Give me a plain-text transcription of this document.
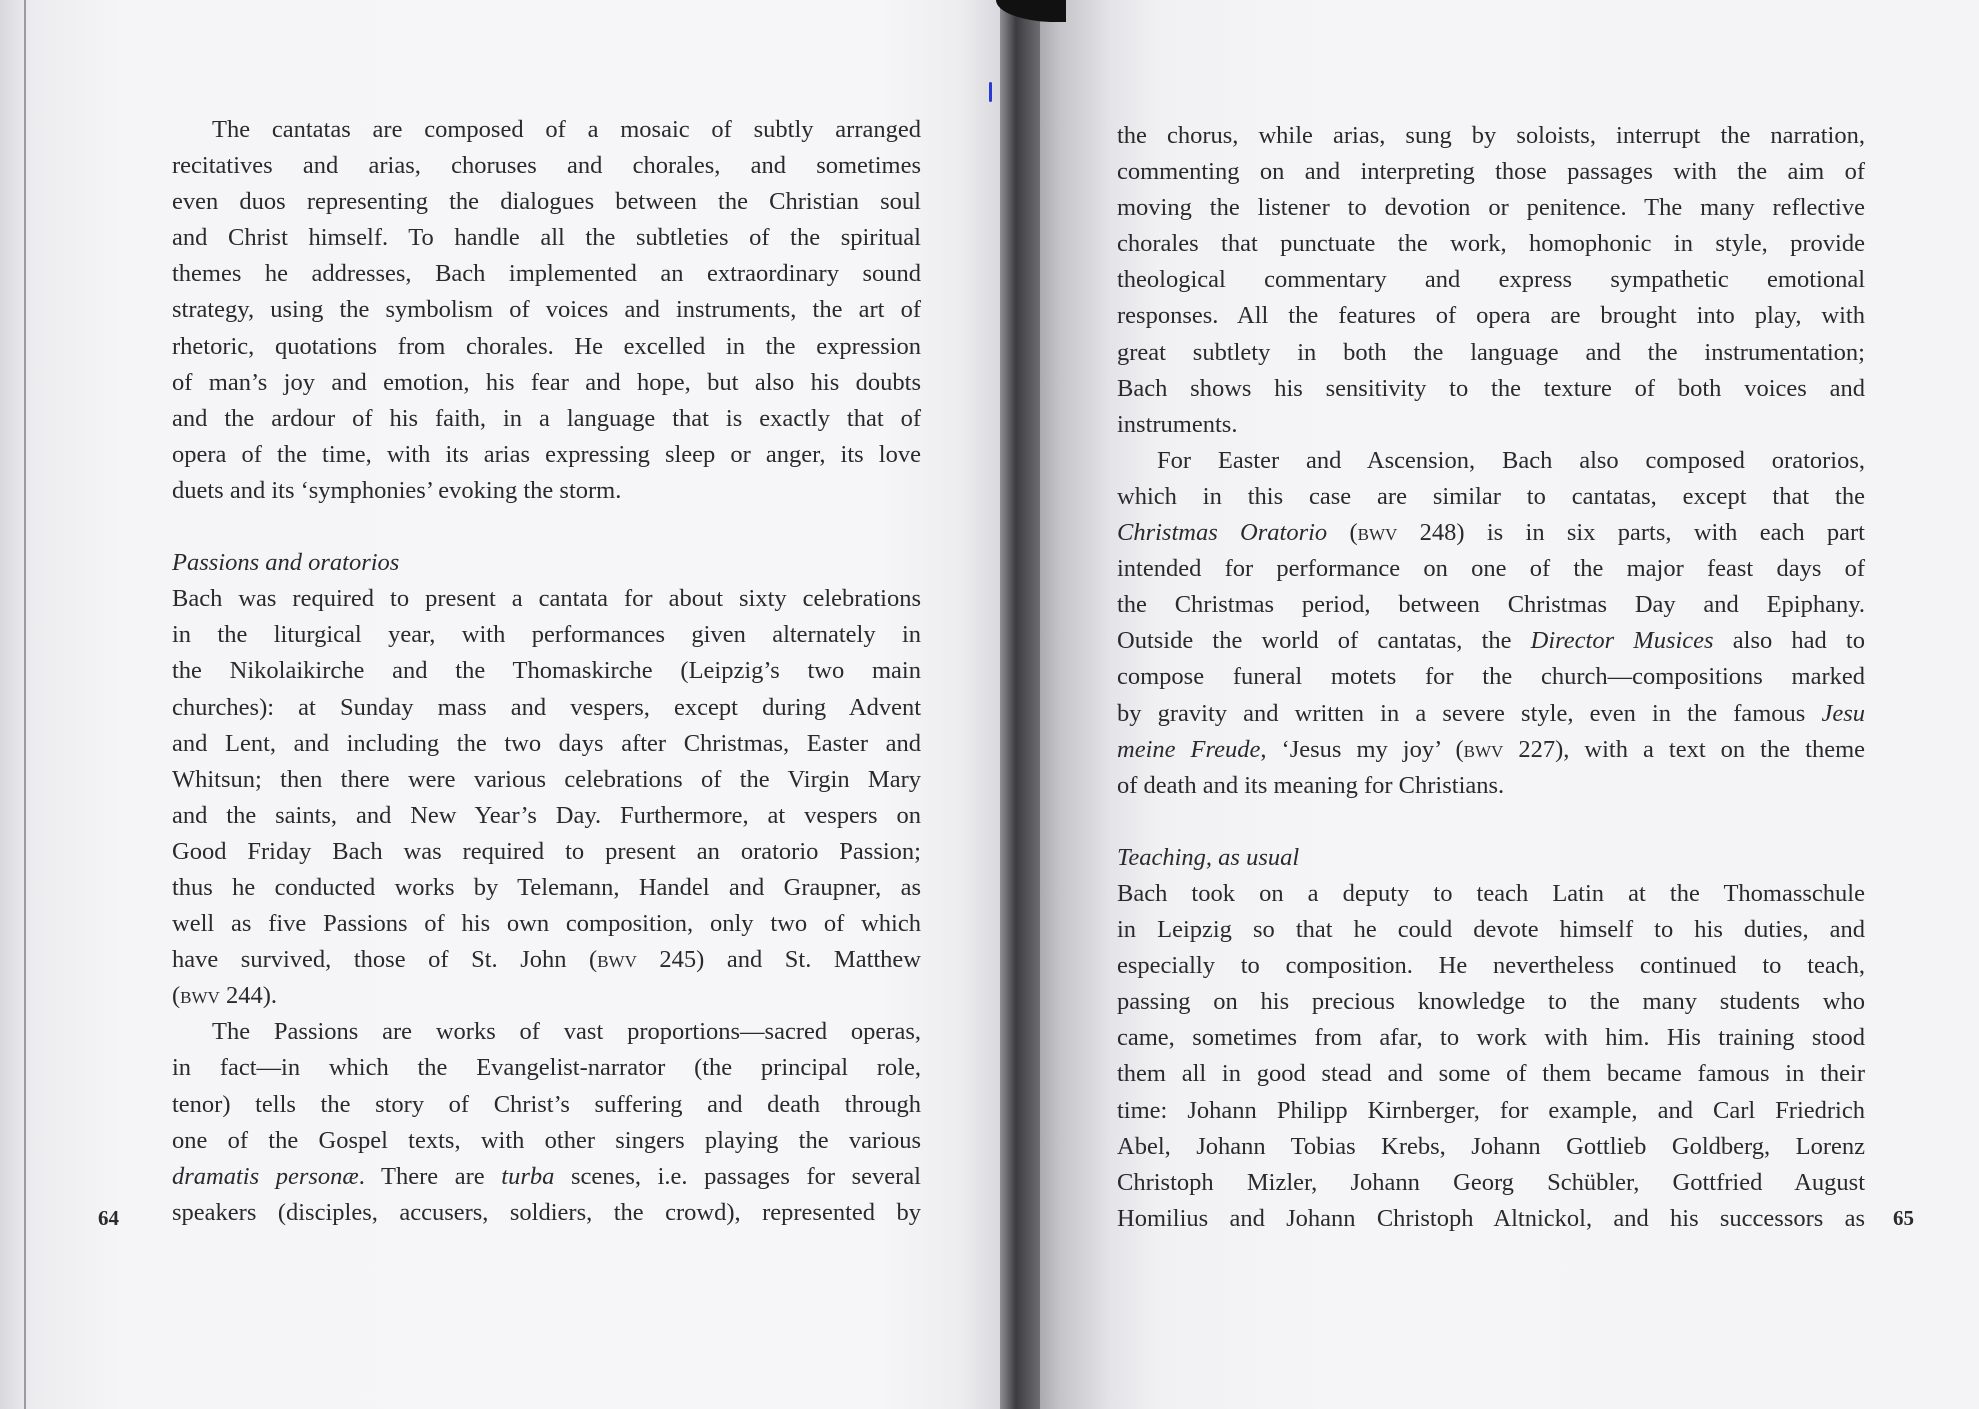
The cantatas are composed of a mosaic of subtly arranged
recitatives and arias, choruses and chorales, and sometimes
even duos representing the dialogues between the Christian soul
and Christ himself. To handle all the subtleties of the spiritual
themes he addresses, Bach implemented an extraordinary sound
strategy, using the symbolism of voices and instruments, the art of
rhetoric, quotations from chorales. He excelled in the expression
of man’s joy and emotion, his fear and hope, but also his doubts
and the ardour of his faith, in a language that is exactly that of
opera of the time, with its arias expressing sleep or anger, its love
duets and its ‘symphonies’ evoking the storm.
Passions and oratorios
Bach was required to present a cantata for about sixty celebrations
in the liturgical year, with performances given alternately in
the Nikolaikirche and the Thomaskirche (Leipzig’s two main
churches): at Sunday mass and vespers, except during Advent
and Lent, and including the two days after Christmas, Easter and
Whitsun; then there were various celebrations of the Virgin Mary
and the saints, and New Year’s Day. Furthermore, at vespers on
Good Friday Bach was required to present an oratorio Passion;
thus he conducted works by Telemann, Handel and Graupner, as
well as five Passions of his own composition, only two of which
have survived, those of St. John (bwv 245) and St. Matthew
(bwv 244).
The Passions are works of vast proportions—sacred operas,
in fact—in which the Evangelist-narrator (the principal role,
tenor) tells the story of Christ’s suffering and death through
one of the Gospel texts, with other singers playing the various
dramatis personæ. There are turba scenes, i.e. passages for several
speakers (disciples, accusers, soldiers, the crowd), represented by
64
the chorus, while arias, sung by soloists, interrupt the narration,
commenting on and interpreting those passages with the aim of
moving the listener to devotion or penitence. The many reflective
chorales that punctuate the work, homophonic in style, provide
theological commentary and express sympathetic emotional
responses. All the features of opera are brought into play, with
great subtlety in both the language and the instrumentation;
Bach shows his sensitivity to the texture of both voices and
instruments.
For Easter and Ascension, Bach also composed oratorios,
which in this case are similar to cantatas, except that the
Christmas Oratorio (bwv 248) is in six parts, with each part
intended for performance on one of the major feast days of
the Christmas period, between Christmas Day and Epiphany.
Outside the world of cantatas, the Director Musices also had to
compose funeral motets for the church—compositions marked
by gravity and written in a severe style, even in the famous Jesu
meine Freude, ‘Jesus my joy’ (bwv 227), with a text on the theme
of death and its meaning for Christians.
Teaching, as usual
Bach took on a deputy to teach Latin at the Thomasschule
in Leipzig so that he could devote himself to his duties, and
especially to composition. He nevertheless continued to teach,
passing on his precious knowledge to the many students who
came, sometimes from afar, to work with him. His training stood
them all in good stead and some of them became famous in their
time: Johann Philipp Kirnberger, for example, and Carl Friedrich
Abel, Johann Tobias Krebs, Johann Gottlieb Goldberg, Lorenz
Christoph Mizler, Johann Georg Schübler, Gottfried August
Homilius and Johann Christoph Altnickol, and his successors as 65
